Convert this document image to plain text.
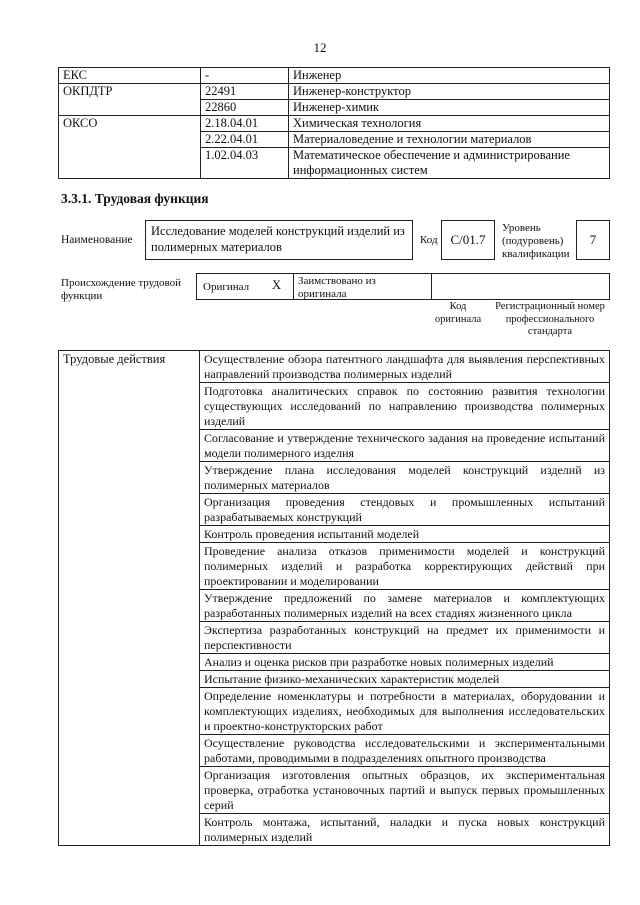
12
ЕКС	-	Инженер
ОКПДТР	22491	Инженер-конструктор
	22860	Инженер-химик
ОКСО	2.18.04.01	Химическая технология
	2.22.04.01	Материаловедение и технологии материалов
	1.02.04.03	Математическое обеспечение и администрирование информационных систем
3.3.1. Трудовая функция
Наименование
Исследование моделей конструкций изделий из полимерных материалов	Код C/01.7
Уровень (подуровень) квалификации
7
Происхождение трудовой функции
Оригинал X Заимствовано из оригинала
Код оригинала
Регистрационный номер профессионального стандарта
Трудовые действия	Осуществление обзора патентного ландшафта для выявления перспективных направлений производства полимерных изделий
Подготовка аналитических справок по состоянию развития технологии существующих исследований по направлению производства полимерных изделий
Согласование и утверждение технического задания на проведение испытаний модели полимерного изделия
Утверждение плана исследования моделей конструкций изделий из полимерных материалов
Организация проведения стендовых и промышленных испытаний разрабатываемых конструкций
Контроль проведения испытаний моделей
Проведение анализа отказов применимости моделей и конструкций полимерных изделий и разработка корректирующих действий при проектировании и моделировании
Утверждение предложений по замене материалов и комплектующих разработанных полимерных изделий на всех стадиях жизненного цикла
Экспертиза разработанных конструкций на предмет их применимости и перспективности
Анализ и оценка рисков при разработке новых полимерных изделий
Испытание физико-механических характеристик моделей
Определение номенклатуры и потребности в материалах, оборудовании и комплектующих изделиях, необходимых для выполнения исследовательских и проектно-конструкторских работ
Осуществление руководства исследовательскими и экспериментальными работами, проводимыми в подразделениях опытного производства
Организация изготовления опытных образцов, их экспериментальная проверка, отработка установочных партий и выпуск первых промышленных серий
Контроль монтажа, испытаний, наладки и пуска новых конструкций полимерных изделий
